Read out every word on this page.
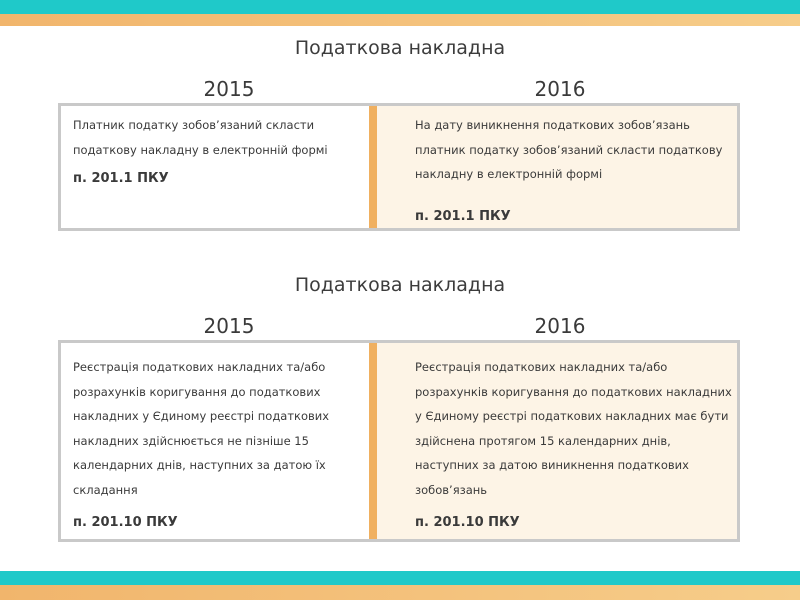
Податкова накладна
2015	2016
Платник податку зобов’язаний скласти податкову накладну в електронній формі
п. 201.1 ПКУ
На дату виникнення податкових зобов’язань платник податку зобов’язаний скласти податкову накладну в електронній формі
п. 201.1 ПКУ
Податкова накладна
2015	2016
Реєстрація податкових накладних та/або розрахунків коригування до податкових накладних у Єдиному реєстрі податкових накладних здійснюється не пізніше 15 календарних днів, наступних за датою їх складання
п. 201.10 ПКУ
Реєстрація податкових накладних та/або розрахунків коригування до податкових накладних у Єдиному реєстрі податкових накладних має бути здійснена протягом 15 календарних днів, наступних за датою виникнення податкових зобов’язань
п. 201.10 ПКУ
